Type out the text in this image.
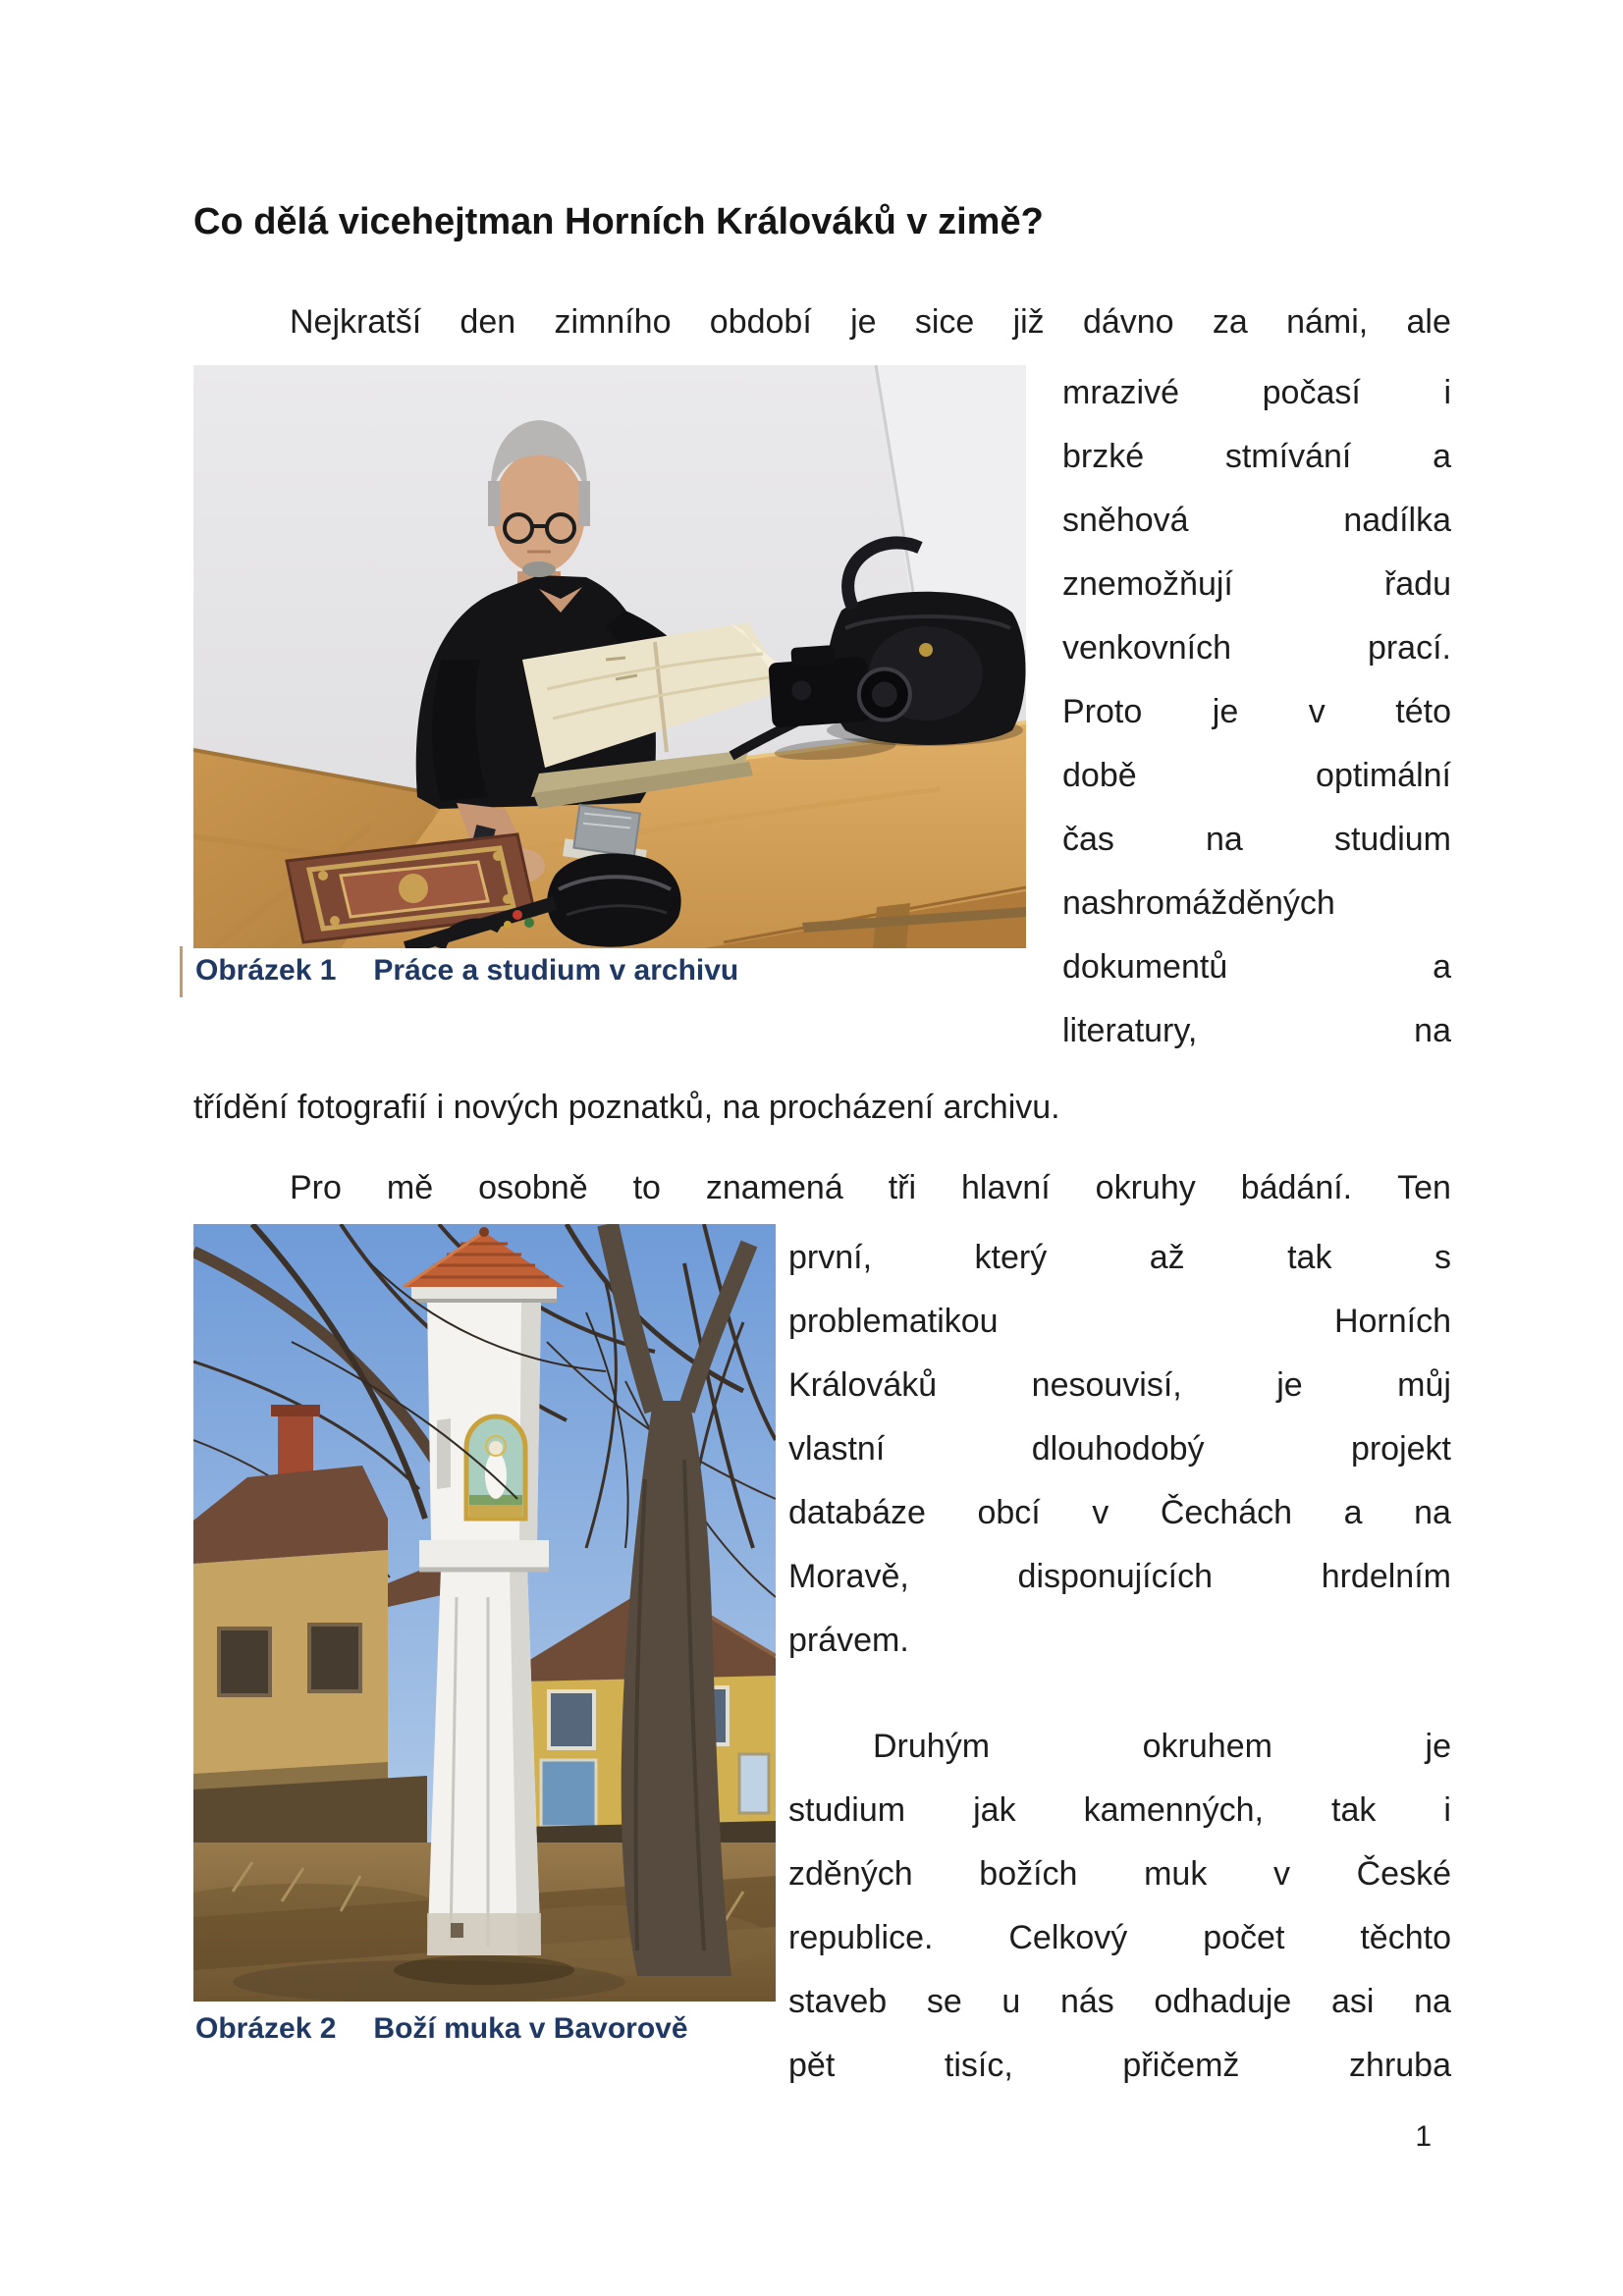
Co dělá vicehejtman Horních Králováků v zimě?
Nejkratší den zimního období je sice již dávno za námi, ale
Obrázek 1 Práce a studium v archivu
mrazivé počasí i
brzké stmívání a
sněhová	nadílka
znemožňují	řadu
venkovních	prací.
Proto je v této
době	optimální
čas	na	studium
nashromážděných
dokumentů	a
literatury,	na
třídění fotografií i nových poznatků, na procházení archivu.
Pro mě osobně to znamená tři hlavní okruhy bádání. Ten
Obrázek 2 Boží muka v Bavorově
první,	který	až	tak	s
problematikou	Horních
Králováků	nesouvisí,	je	můj
vlastní	dlouhodobý	projekt
databáze obcí v Čechách a na
Moravě,	disponujících	hrdelním
právem.
Druhým	okruhem	je
studium jak kamenných, tak i
zděných božích muk v České
republice. Celkový počet těchto
staveb se u nás odhaduje asi na
pět	tisíc,	přičemž	zhruba
1
